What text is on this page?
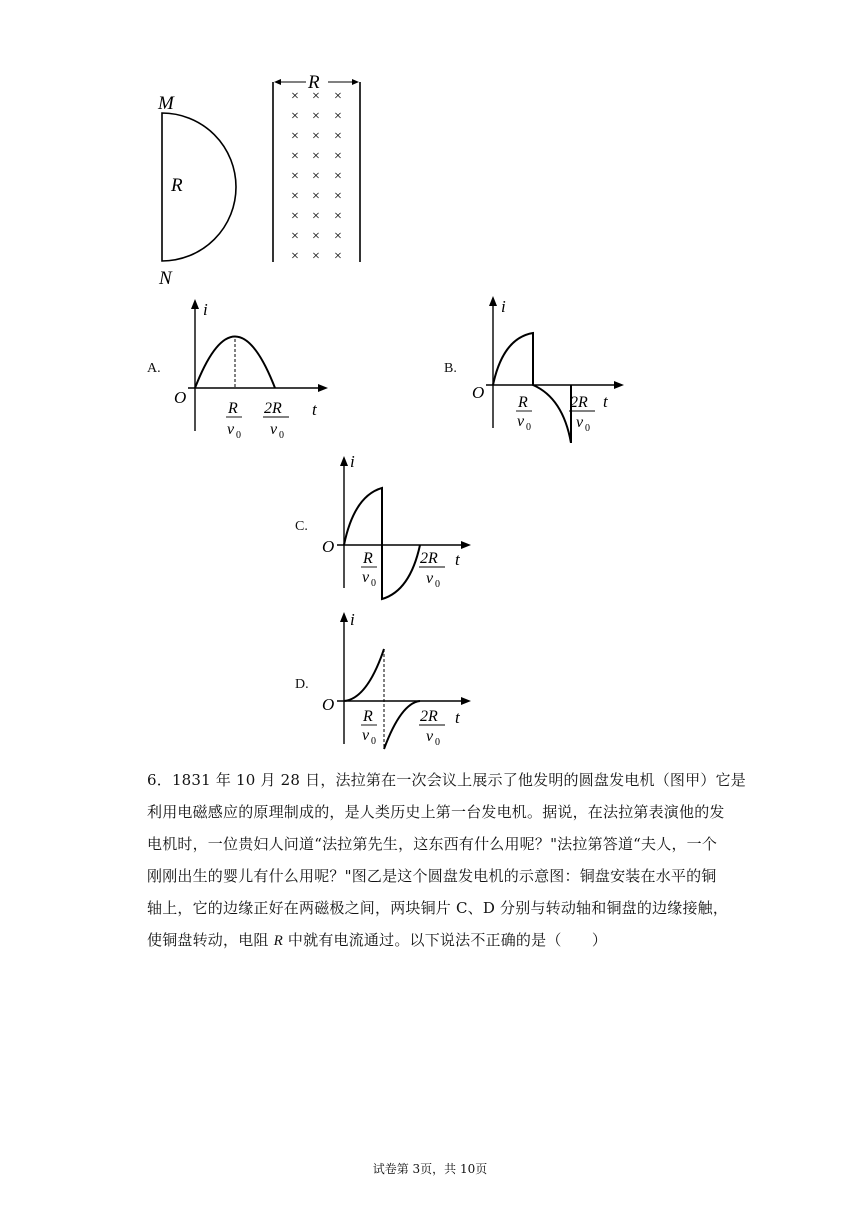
M
N
R
R
× × ×
× × ×
× × ×
× × ×
× × ×
× × ×
× × ×
× × ×
× × ×
A.
i
O
t
R
v 0
2R
v 0
B.
i
O	t
R
v 0
2R
v 0
C.
i
O
t
R
v 0
2R
v 0
D.
i
O
t
R
v 0
2R
v 0
6．1831 年 10 月 28 日，法拉第在一次会议上展示了他发明的圆盘发电机（图甲）它是
利用电磁感应的原理制成的，是人类历史上第一台发电机。据说，在法拉第表演他的发
电机时，一位贵妇人问道“法拉第先生，这东西有什么用呢？"法拉第答道“夫人，一个
刚刚出生的婴儿有什么用呢？"图乙是这个圆盘发电机的示意图：铜盘安装在水平的铜
轴上，它的边缘正好在两磁极之间，两块铜片 C、D 分别与转动轴和铜盘的边缘接触，
使铜盘转动，电阻 R 中就有电流通过。以下说法不正确的是（　　）
试卷第 3页，共 10页
